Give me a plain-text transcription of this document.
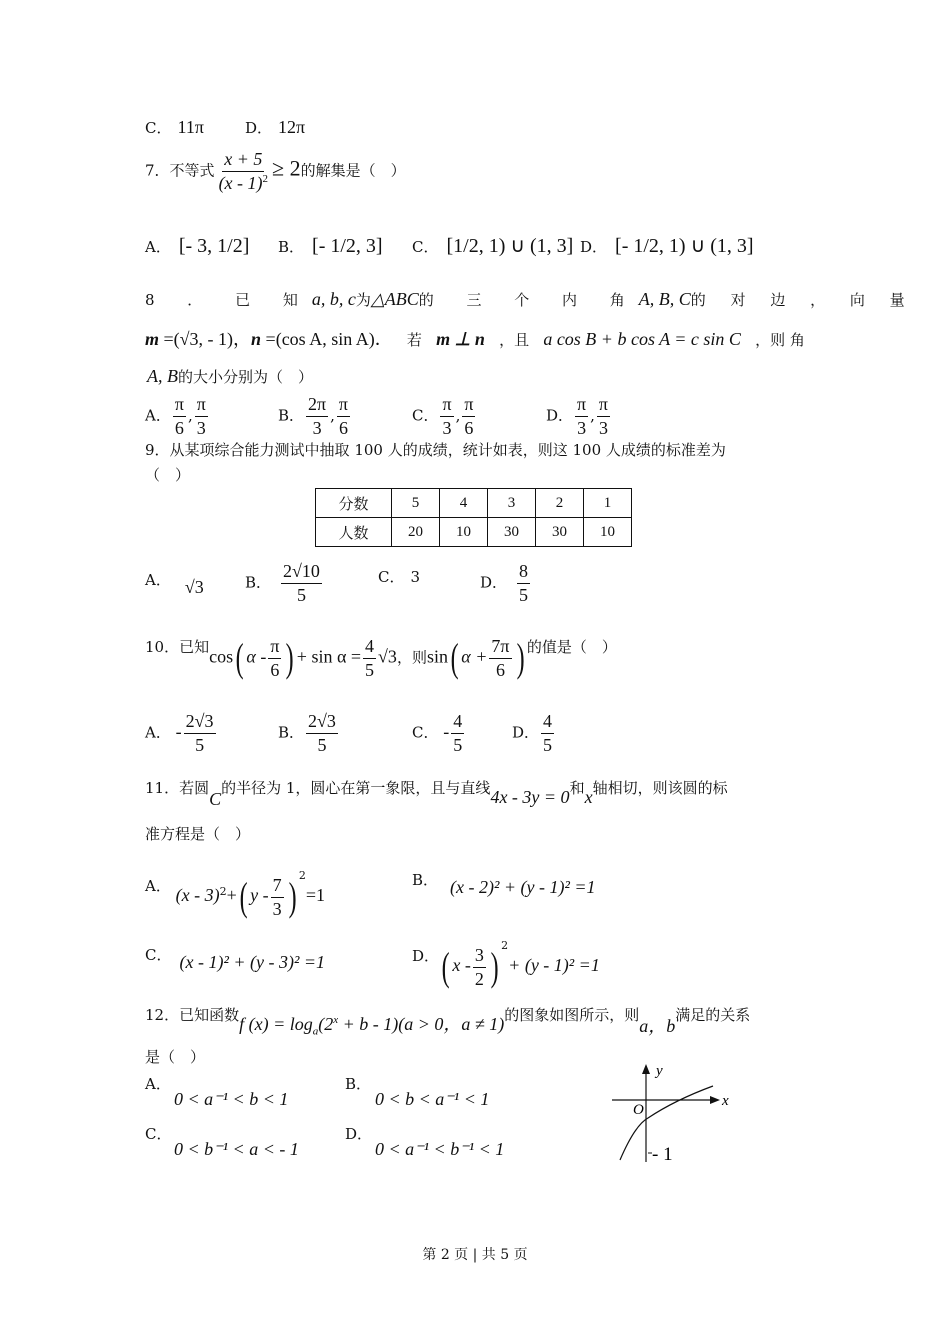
C． 11π	D． 12π
7．不等式 $\frac{x + 5}{(x - 1)^2} \ge 2$的解集是（　）
A． [- 3, 1/2] B． [- 1/2, 3] C． [1/2, 1) ∪ (1, 3] D． [- 1/2, 1) ∪ (1, 3]
8 ． 已 知 a, b, c为 △ABC的 三 个 内 角 A, B, C的 对 边 ， 向 量
m =(√3, - 1)，n =(cos A, sin A)． 若 m ⊥ n ，且 a cos B + b cos A = c sin C ，则 角
A, B的大小分别为（　）
A． $\frac{\pi}{6}$ , $\frac{\pi}{3}$	B． $\frac{2\pi}{3}$ , $\frac{\pi}{6}$	C． $\frac{\pi}{3}$ , $\frac{\pi}{6}$	D． $\frac{\pi}{3}$ , $\frac{\pi}{3}$
9．从某项综合能力测试中抽取 100 人的成绩，统计如表，则这 100 人成绩的标准差为
（　）
分数	5	4	3	2	1
人数	20	10	30	30	10
A． √3	B． $\frac{2√10}{5}$	C． 3	D． $\frac{8}{5}$
10．已知cos( α - $\frac{\pi}{6}$ ) + $\sin \alpha = \frac{4}{5} √3$，则sin( $\alpha + \frac{7\pi}{6}$ ) 的值是（　）
A． - $\frac{2√3}{5}$	B． $\frac{2√3}{5}$	C． - $\frac{4}{5}$	D． $\frac{4}{5}$
11．若圆C的半径为 1，圆心在第一象限，且与直线4x - 3y = 0和x轴相切，则该圆的标
准方程是（　）
A． (x - 3)$^2$+( y - $\frac{7}{3}$ ) $^2$=1
B． (x - 2)² + (y - 1)² =1
C． (x - 1)² + (y - 3)² =1	D．( x - $\frac{3}{2}$ ) $^2$+ (y - 1)² =1
12．已知函数f $(x) = \log_a(2^x + b - 1)(a > 0$，a ≠ 1)的图象如图所示，则a，b满足的关系
是（　）
A．
0 < a⁻¹ < b < 1
B．
0 < b < a⁻¹ < 1
C．
0 < b⁻¹ < a < - 1
D．
0 < a⁻¹ < b⁻¹ < 1
y
x
O
- 1
第 2 页 | 共 5 页
